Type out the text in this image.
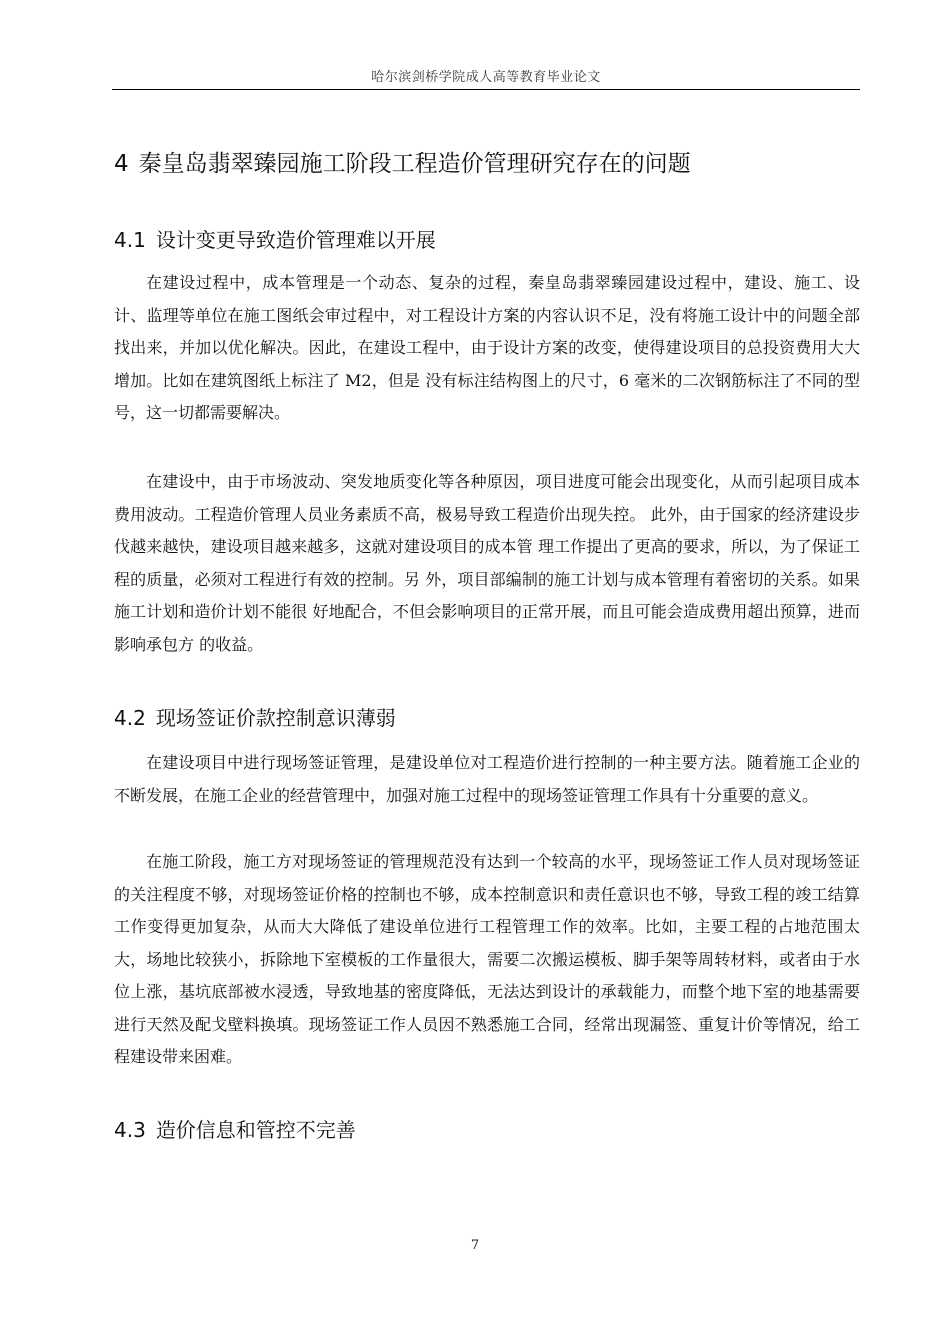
哈尔滨剑桥学院成人高等教育毕业论文
4 秦皇岛翡翠臻园施工阶段工程造价管理研究存在的问题
4.1 设计变更导致造价管理难以开展

在建设过程中，成本管理是一个动态、复杂的过程，秦皇岛翡翠臻园建设过程中，建设、施工、设计、监理等单位在施工图纸会审过程中，对工程设计方案的内容认识不足，没有将施工设计中的问题全部找出来，并加以优化解决。因此，在建设工程中，由于设计方案的改变，使得建设项目的总投资费用大大增加。比如在建筑图纸上标注了 M2，但是 没有标注结构图上的尺寸，6 毫米的二次钢筋标注了不同的型号，这一切都需要解决。

在建设中，由于市场波动、突发地质变化等各种原因，项目进度可能会出现变化，从而引起项目成本费用波动。工程造价管理人员业务素质不高，极易导致工程造价出现失控。 此外，由于国家的经济建设步伐越来越快，建设项目越来越多，这就对建设项目的成本管 理工作提出了更高的要求，所以，为了保证工程的质量，必须对工程进行有效的控制。另 外，项目部编制的施工计划与成本管理有着密切的关系。如果施工计划和造价计划不能很 好地配合，不但会影响项目的正常开展，而且可能会造成费用超出预算，进而影响承包方 的收益。

4.2 现场签证价款控制意识薄弱

在建设项目中进行现场签证管理，是建设单位对工程造价进行控制的一种主要方法。随着施工企业的不断发展，在施工企业的经营管理中，加强对施工过程中的现场签证管理工作具有十分重要的意义。

在施工阶段，施工方对现场签证的管理规范没有达到一个较高的水平，现场签证工作人员对现场签证的关注程度不够，对现场签证价格的控制也不够，成本控制意识和责任意识也不够，导致工程的竣工结算工作变得更加复杂，从而大大降低了建设单位进行工程管理工作的效率。比如，主要工程的占地范围太大，场地比较狭小，拆除地下室模板的工作量很大，需要二次搬运模板、脚手架等周转材料，或者由于水位上涨，基坑底部被水浸透，导致地基的密度降低，无法达到设计的承载能力，而整个地下室的地基需要进行天然及配戈壁料换填。现场签证工作人员因不熟悉施工合同，经常出现漏签、重复计价等情况，给工程建设带来困难。

4.3 造价信息和管控不完善
7
